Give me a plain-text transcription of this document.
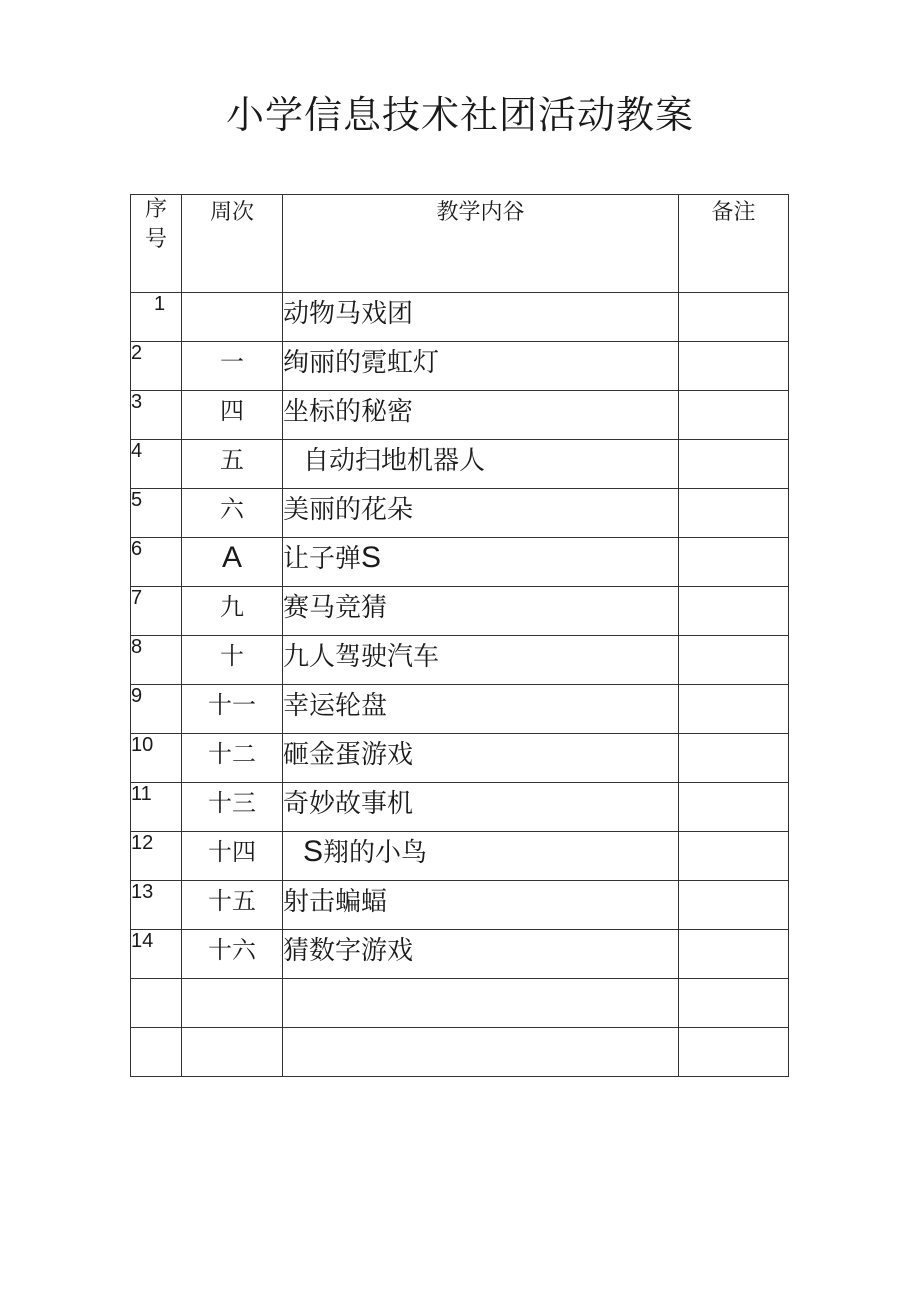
小学信息技术社团活动教案
序
号	周次	教学内谷	备注
1		动物马戏团	
2	一	绚丽的霓虹灯	
3	四	坐标的秘密	
4	五	自动扫地机器人	
5	六	美丽的花朵	
6	A	让子弹S	
7	九	赛马竞猜	
8	十	九人驾驶汽车	
9	十一	幸运轮盘	
10	十二	砸金蛋游戏	
11	十三	奇妙故事机	
12	十四	S翔的小鸟	
13	十五	射击蝙蝠	
14	十六	猜数字游戏	
